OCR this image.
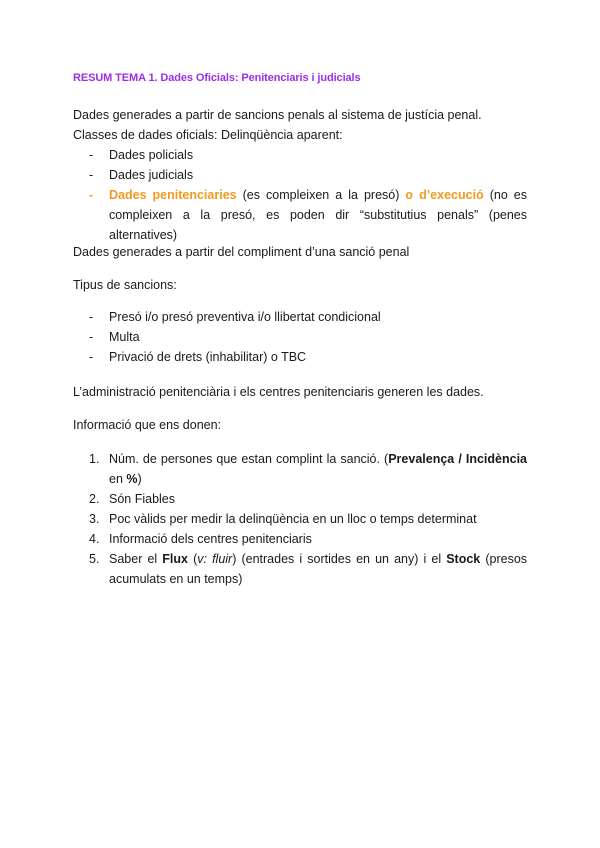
RESUM TEMA 1. Dades Oficials: Penitenciaris i judicials

Dades generades a partir de sancions penals al sistema de justícia penal.

Classes de dades oficials: Delinqüència aparent:

- Dades policials
- Dades judicials
- Dades penitenciaries (es compleixen a la presó) o d’execució (no es compleixen a la presó, es poden dir “substitutius penals” (penes alternatives)

Dades generades a partir del compliment d’una sanció penal

Tipus de sancions:

- Presó i/o presó preventiva i/o llibertat condicional
- Multa
- Privació de drets (inhabilitar) o TBC

L’administració penitenciària i els centres penitenciaris generen les dades.

Informació que ens donen:

1. Núm. de persones que estan complint la sanció. (Prevalença / Incidència en %)
2. Són Fiables
3. Poc vàlids per medir la delinqüència en un lloc o temps determinat
4. Informació dels centres penitenciaris
5. Saber el Flux (v: fluir) (entrades i sortides en un any) i el Stock (presos acumulats en un temps)
